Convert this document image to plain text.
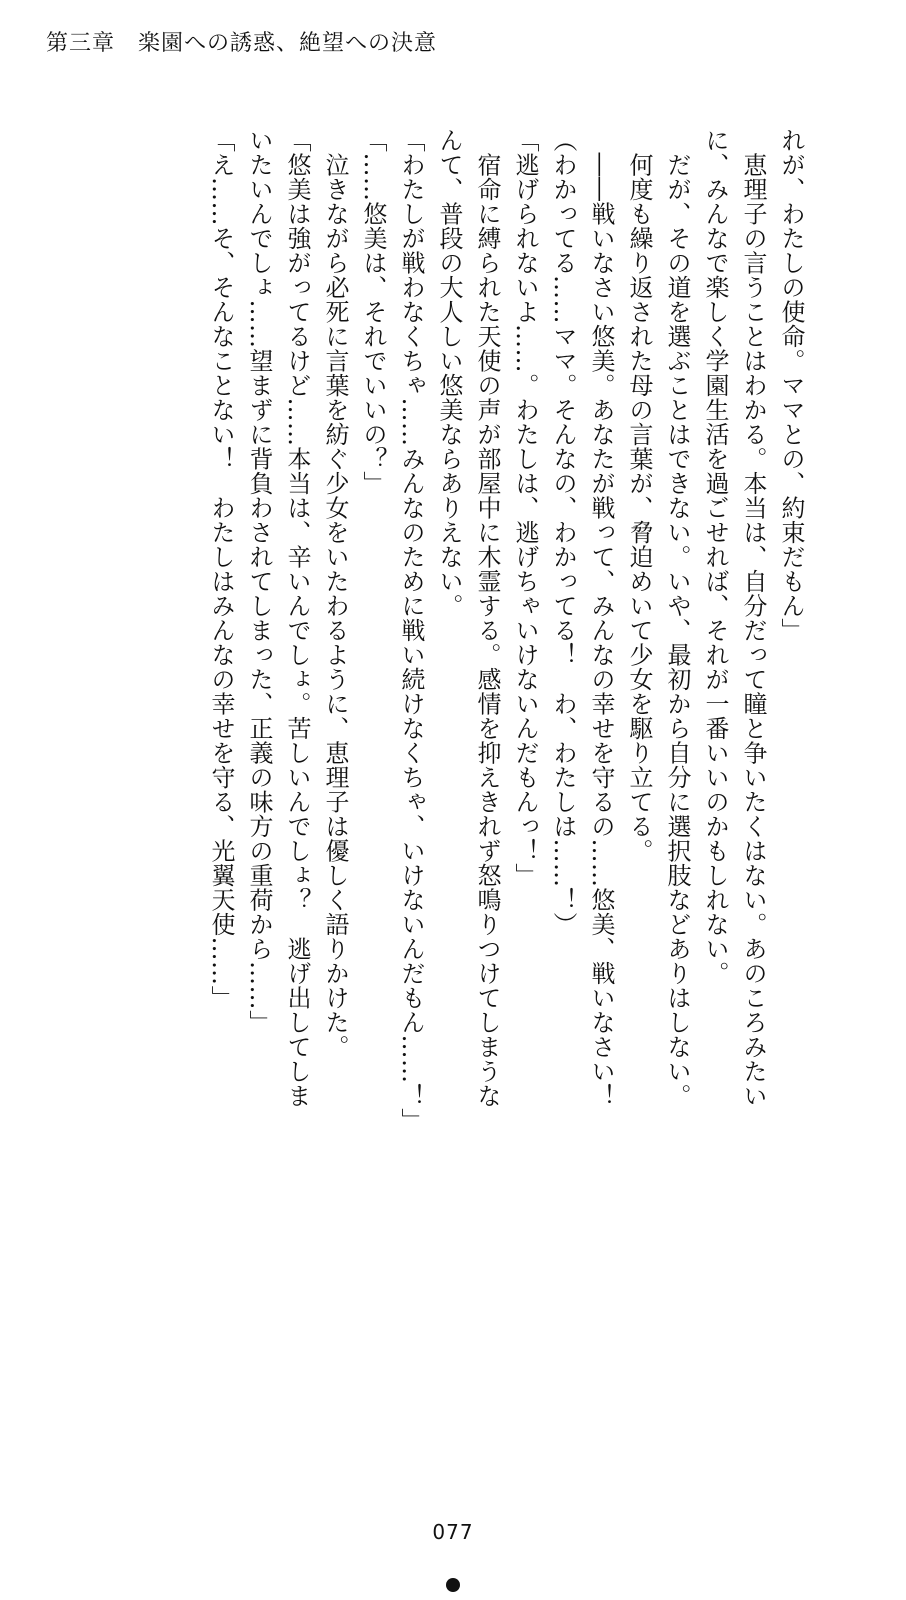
第三章　楽園への誘惑、絶望への決意
れが、わたしの使命。ママとの、約束だもん」
　恵理子の言うことはわかる。本当は、自分だって瞳と争いたくはない。あのころみたい
に、みんなで楽しく学園生活を過ごせれば、それが一番いいのかもしれない。
　だが、その道を選ぶことはできない。いや、最初から自分に選択肢などありはしない。
　何度も繰り返された母の言葉が、脅迫めいて少女を駆り立てる。
　――戦いなさい悠美。あなたが戦って、みんなの幸せを守るの……悠美、戦いなさい！
（わかってる……ママ。そんなの、わかってる！　わ、わたしは……！）
「逃げられないよ……。わたしは、逃げちゃいけないんだもんっ！」
　宿命に縛られた天使の声が部屋中に木霊する。感情を抑えきれず怒鳴りつけてしまうな
んて、普段の大人しい悠美ならありえない。
「わたしが戦わなくちゃ……みんなのために戦い続けなくちゃ、いけないんだもん……！」
「……悠美は、それでいいの？」
　泣きながら必死に言葉を紡ぐ少女をいたわるように、恵理子は優しく語りかけた。
「悠美は強がってるけど……本当は、辛いんでしょ。苦しいんでしょ？　逃げ出してしま
いたいんでしょ……望まずに背負わされてしまった、正義の味方の重荷から……」
「え……そ、そんなことない！　わたしはみんなの幸せを守る、光翼天使……」
077
